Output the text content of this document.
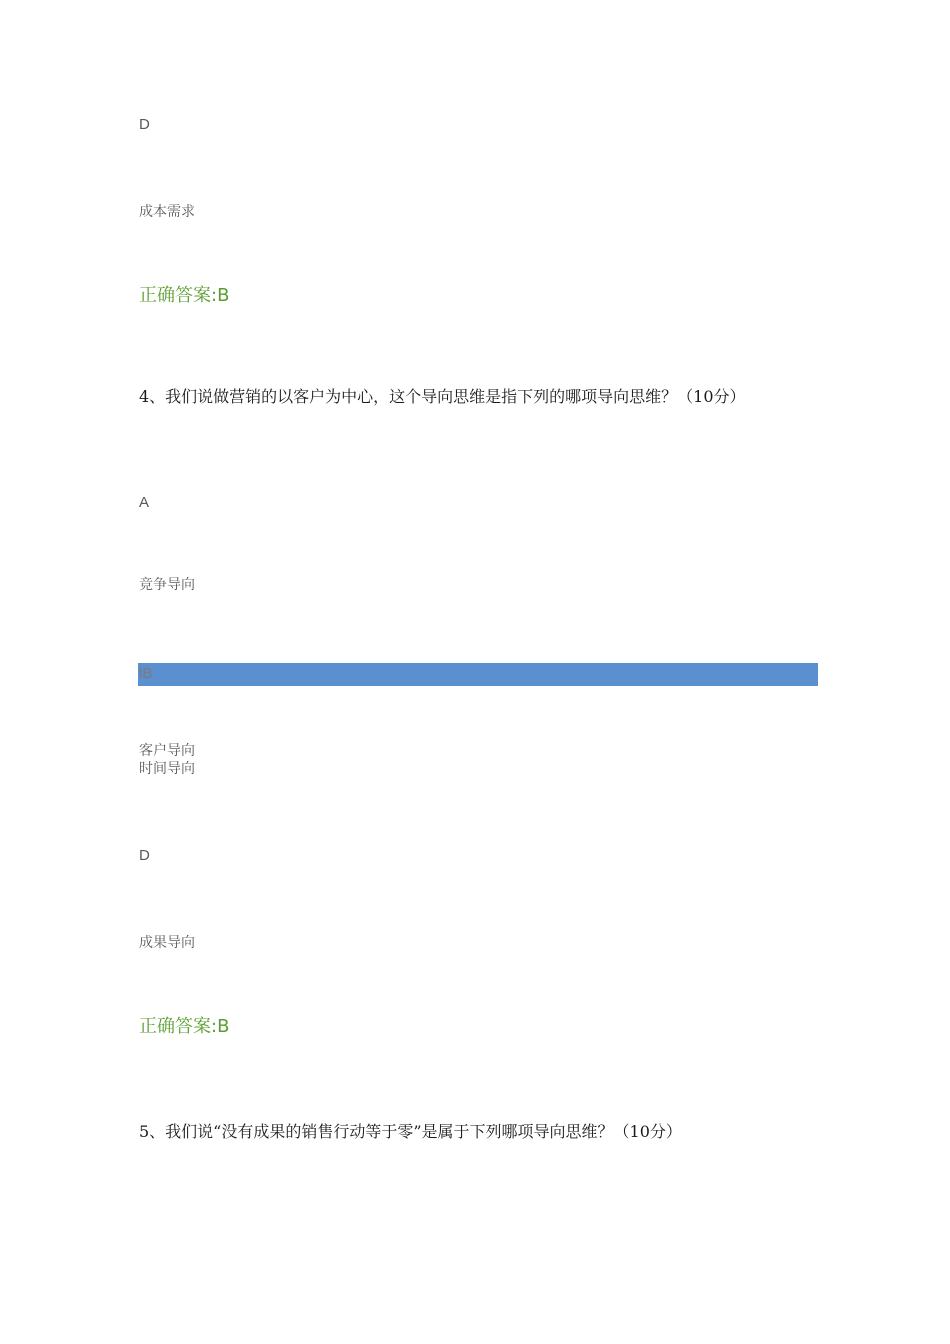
D
成本需求
正确答案:B
4、我们说做营销的以客户为中心，这个导向思维是指下列的哪项导向思维？（10分）
A
竞争导向
lB
客户导向
时间导向
D
成果导向
正确答案:B
5、我们说“没有成果的销售行动等于零”是属于下列哪项导向思维？（10分）
